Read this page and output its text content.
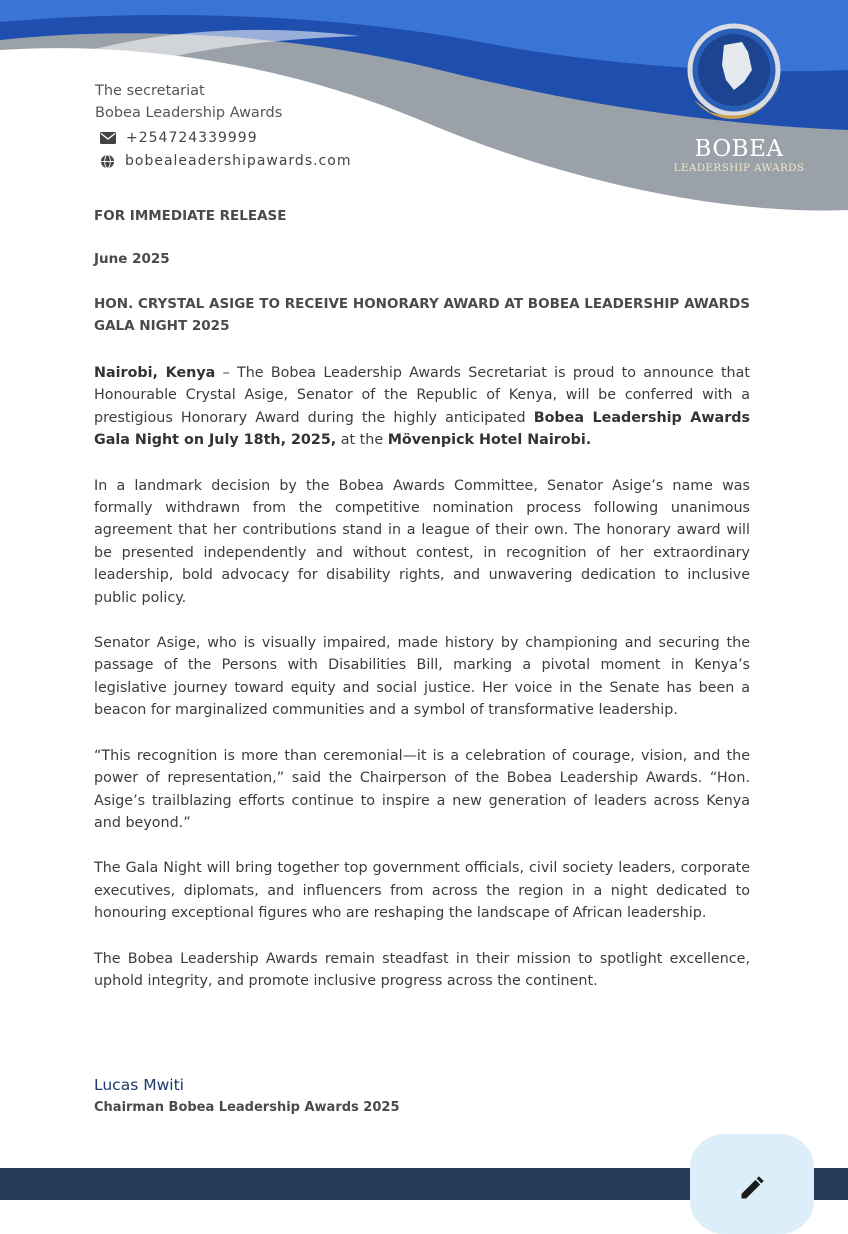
BOBEA
LEADERSHIP AWARDS
The secretariat
Bobea Leadership Awards
+254724339999
bobealeadershipawards.com

FOR IMMEDIATE RELEASE

June 2025

HON. CRYSTAL ASIGE TO RECEIVE HONORARY AWARD AT BOBEA LEADERSHIP AWARDS GALA NIGHT 2025

Nairobi, Kenya – The Bobea Leadership Awards Secretariat is proud to announce that Honourable Crystal Asige, Senator of the Republic of Kenya, will be conferred with a prestigious Honorary Award during the highly anticipated Bobea Leadership Awards Gala Night on July 18th, 2025, at the Mövenpick Hotel Nairobi.

In a landmark decision by the Bobea Awards Committee, Senator Asige’s name was formally withdrawn from the competitive nomination process following unanimous agreement that her contributions stand in a league of their own. The honorary award will be presented independently and without contest, in recognition of her extraordinary leadership, bold advocacy for disability rights, and unwavering dedication to inclusive public policy.

Senator Asige, who is visually impaired, made history by championing and securing the passage of the Persons with Disabilities Bill, marking a pivotal moment in Kenya’s legislative journey toward equity and social justice. Her voice in the Senate has been a beacon for marginalized communities and a symbol of transformative leadership.

“This recognition is more than ceremonial—it is a celebration of courage, vision, and the power of representation,” said the Chairperson of the Bobea Leadership Awards. “Hon. Asige’s trailblazing efforts continue to inspire a new generation of leaders across Kenya and beyond.”

The Gala Night will bring together top government officials, civil society leaders, corporate executives, diplomats, and influencers from across the region in a night dedicated to honouring exceptional figures who are reshaping the landscape of African leadership.

The Bobea Leadership Awards remain steadfast in their mission to spotlight excellence, uphold integrity, and promote inclusive progress across the continent.

Lucas Mwiti
Chairman Bobea Leadership Awards 2025
